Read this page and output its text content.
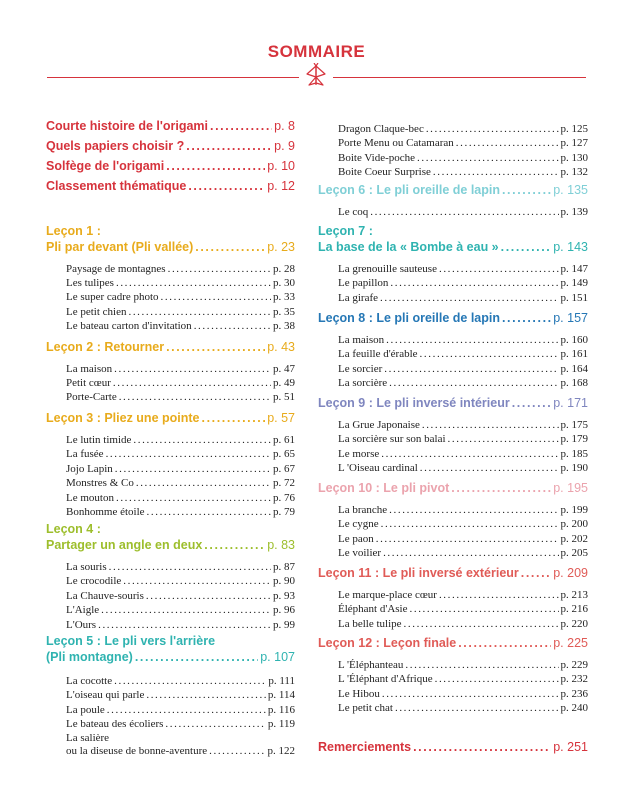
SOMMAIRE
Courte histoire de l'origami .....	p. 8
Quels papiers choisir ? .....	p. 9
Solfège de l'origami .....	p. 10
Classement thématique .....	p. 12
Leçon 1 :
Pli par devant (Pli vallée) .....	p. 23
Paysage de montagnes .....	p. 28
Les tulipes .....	p. 30
Le super cadre photo .....	p. 33
Le petit chien .....	p. 35
Le bateau carton d'invitation .....	p. 38
Leçon 2 : Retourner .....	p. 43
La maison .....	p. 47
Petit cœur .....	p. 49
Porte-Carte .....	p. 51
Leçon 3 : Pliez une pointe .....	p. 57
Le lutin timide .....	p. 61
La fusée .....	p. 65
Jojo Lapin .....	p. 67
Monstres & Co .....	p. 72
Le mouton .....	p. 76
Bonhomme étoile .....	p. 79
Leçon 4 :
Partager un angle en deux .....	p. 83
La souris .....	p. 87
Le crocodile .....	p. 90
La Chauve-souris .....	p. 93
L'Aigle .....	p. 96
L'Ours .....	p. 99
Leçon 5 : Le pli vers l'arrière
(Pli montagne) .....	p. 107
La cocotte .....	p. 111
L'oiseau qui parle .....	p. 114
La poule .....	p. 116
Le bateau des écoliers .....	p. 119
La salière
ou la diseuse de bonne-aventure .....	p. 122
Dragon Claque-bec .....	p. 125
Porte Menu ou Catamaran .....	p. 127
Boite Vide-poche .....	p. 130
Boite Coeur Surprise .....	p. 132
Leçon 6 : Le pli oreille de lapin .....	p. 135
Le coq .....	p. 139
Leçon 7 :
La base de la « Bombe à eau » .....	p. 143
La grenouille sauteuse .....	p. 147
Le papillon .....	p. 149
La girafe .....	p. 151
Leçon 8 : Le pli oreille de lapin .....	p. 157
La maison .....	p. 160
La feuille d'érable .....	p. 161
Le sorcier .....	p. 164
La sorcière .....	p. 168
Leçon 9 : Le pli inversé intérieur .....	p. 171
La Grue Japonaise .....	p. 175
La sorcière sur son balai .....	p. 179
Le morse .....	p. 185
L 'Oiseau cardinal .....	p. 190
Leçon 10 : Le pli pivot .....	p. 195
La branche .....	p. 199
Le cygne .....	p. 200
Le paon .....	p. 202
Le voilier .....	p. 205
Leçon 11 : Le pli inversé extérieur .....	p. 209
Le marque-place cœur .....	p. 213
Éléphant d'Asie .....	p. 216
La belle tulipe .....	p. 220
Leçon 12 : Leçon finale .....	p. 225
L 'Éléphanteau .....	p. 229
L 'Éléphant d'Afrique .....	p. 232
Le Hibou .....	p. 236
Le petit chat .....	p. 240
Remerciements .....	p. 251
